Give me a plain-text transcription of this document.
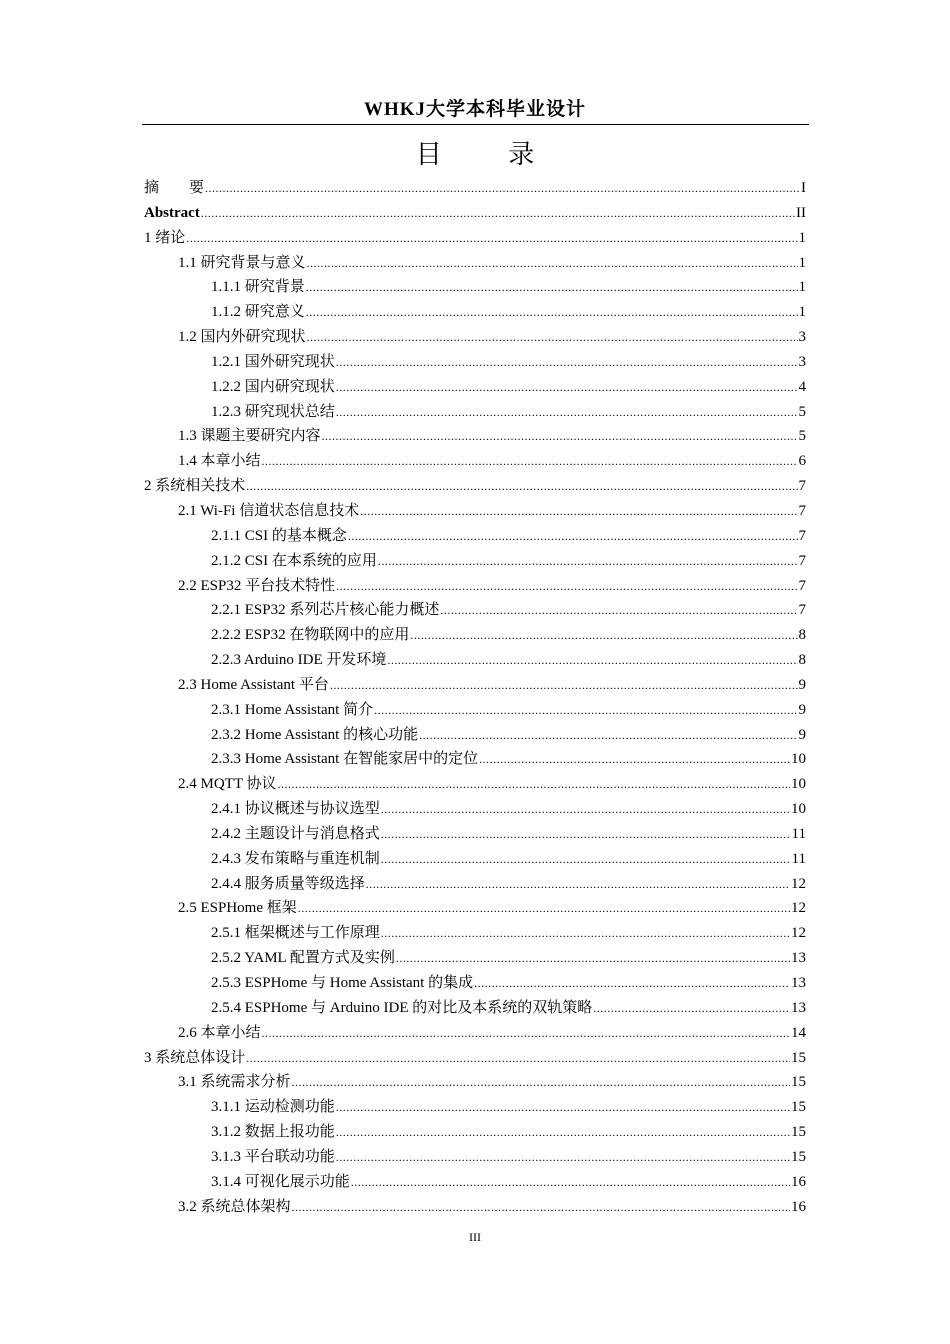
WHKJ大学本科毕业设计
目 录
摘　　要 .....	I
Abstract .....	II
1 绪论 .....	1
1.1 研究背景与意义 .....	1
1.1.1 研究背景 .....	1
1.1.2 研究意义 .....	1
1.2 国内外研究现状 .....	3
1.2.1 国外研究现状 .....	3
1.2.2 国内研究现状 .....	4
1.2.3 研究现状总结 .....	5
1.3 课题主要研究内容 .....	5
1.4 本章小结 .....	6
2 系统相关技术 .....	7
2.1 Wi-Fi 信道状态信息技术 .....	7
2.1.1 CSI 的基本概念 .....	7
2.1.2 CSI 在本系统的应用 .....	7
2.2 ESP32 平台技术特性 .....	7
2.2.1 ESP32 系列芯片核心能力概述 .....	7
2.2.2 ESP32 在物联网中的应用 .....	8
2.2.3 Arduino IDE 开发环境 .....	8
2.3 Home Assistant 平台 .....	9
2.3.1 Home Assistant 简介 .....	9
2.3.2 Home Assistant 的核心功能 .....	9
2.3.3 Home Assistant 在智能家居中的定位 .....	10
2.4 MQTT 协议 .....	10
2.4.1 协议概述与协议选型 .....	10
2.4.2 主题设计与消息格式 .....	11
2.4.3 发布策略与重连机制 .....	11
2.4.4 服务质量等级选择 .....	12
2.5 ESPHome 框架 .....	12
2.5.1 框架概述与工作原理 .....	12
2.5.2 YAML 配置方式及实例 .....	13
2.5.3 ESPHome 与 Home Assistant 的集成 .....	13
2.5.4 ESPHome 与 Arduino IDE 的对比及本系统的双轨策略 .....	13
2.6 本章小结 .....	14
3 系统总体设计 .....	15
3.1 系统需求分析 .....	15
3.1.1 运动检测功能 .....	15
3.1.2 数据上报功能 .....	15
3.1.3 平台联动功能 .....	15
3.1.4 可视化展示功能 .....	16
3.2 系统总体架构 .....	16
III
